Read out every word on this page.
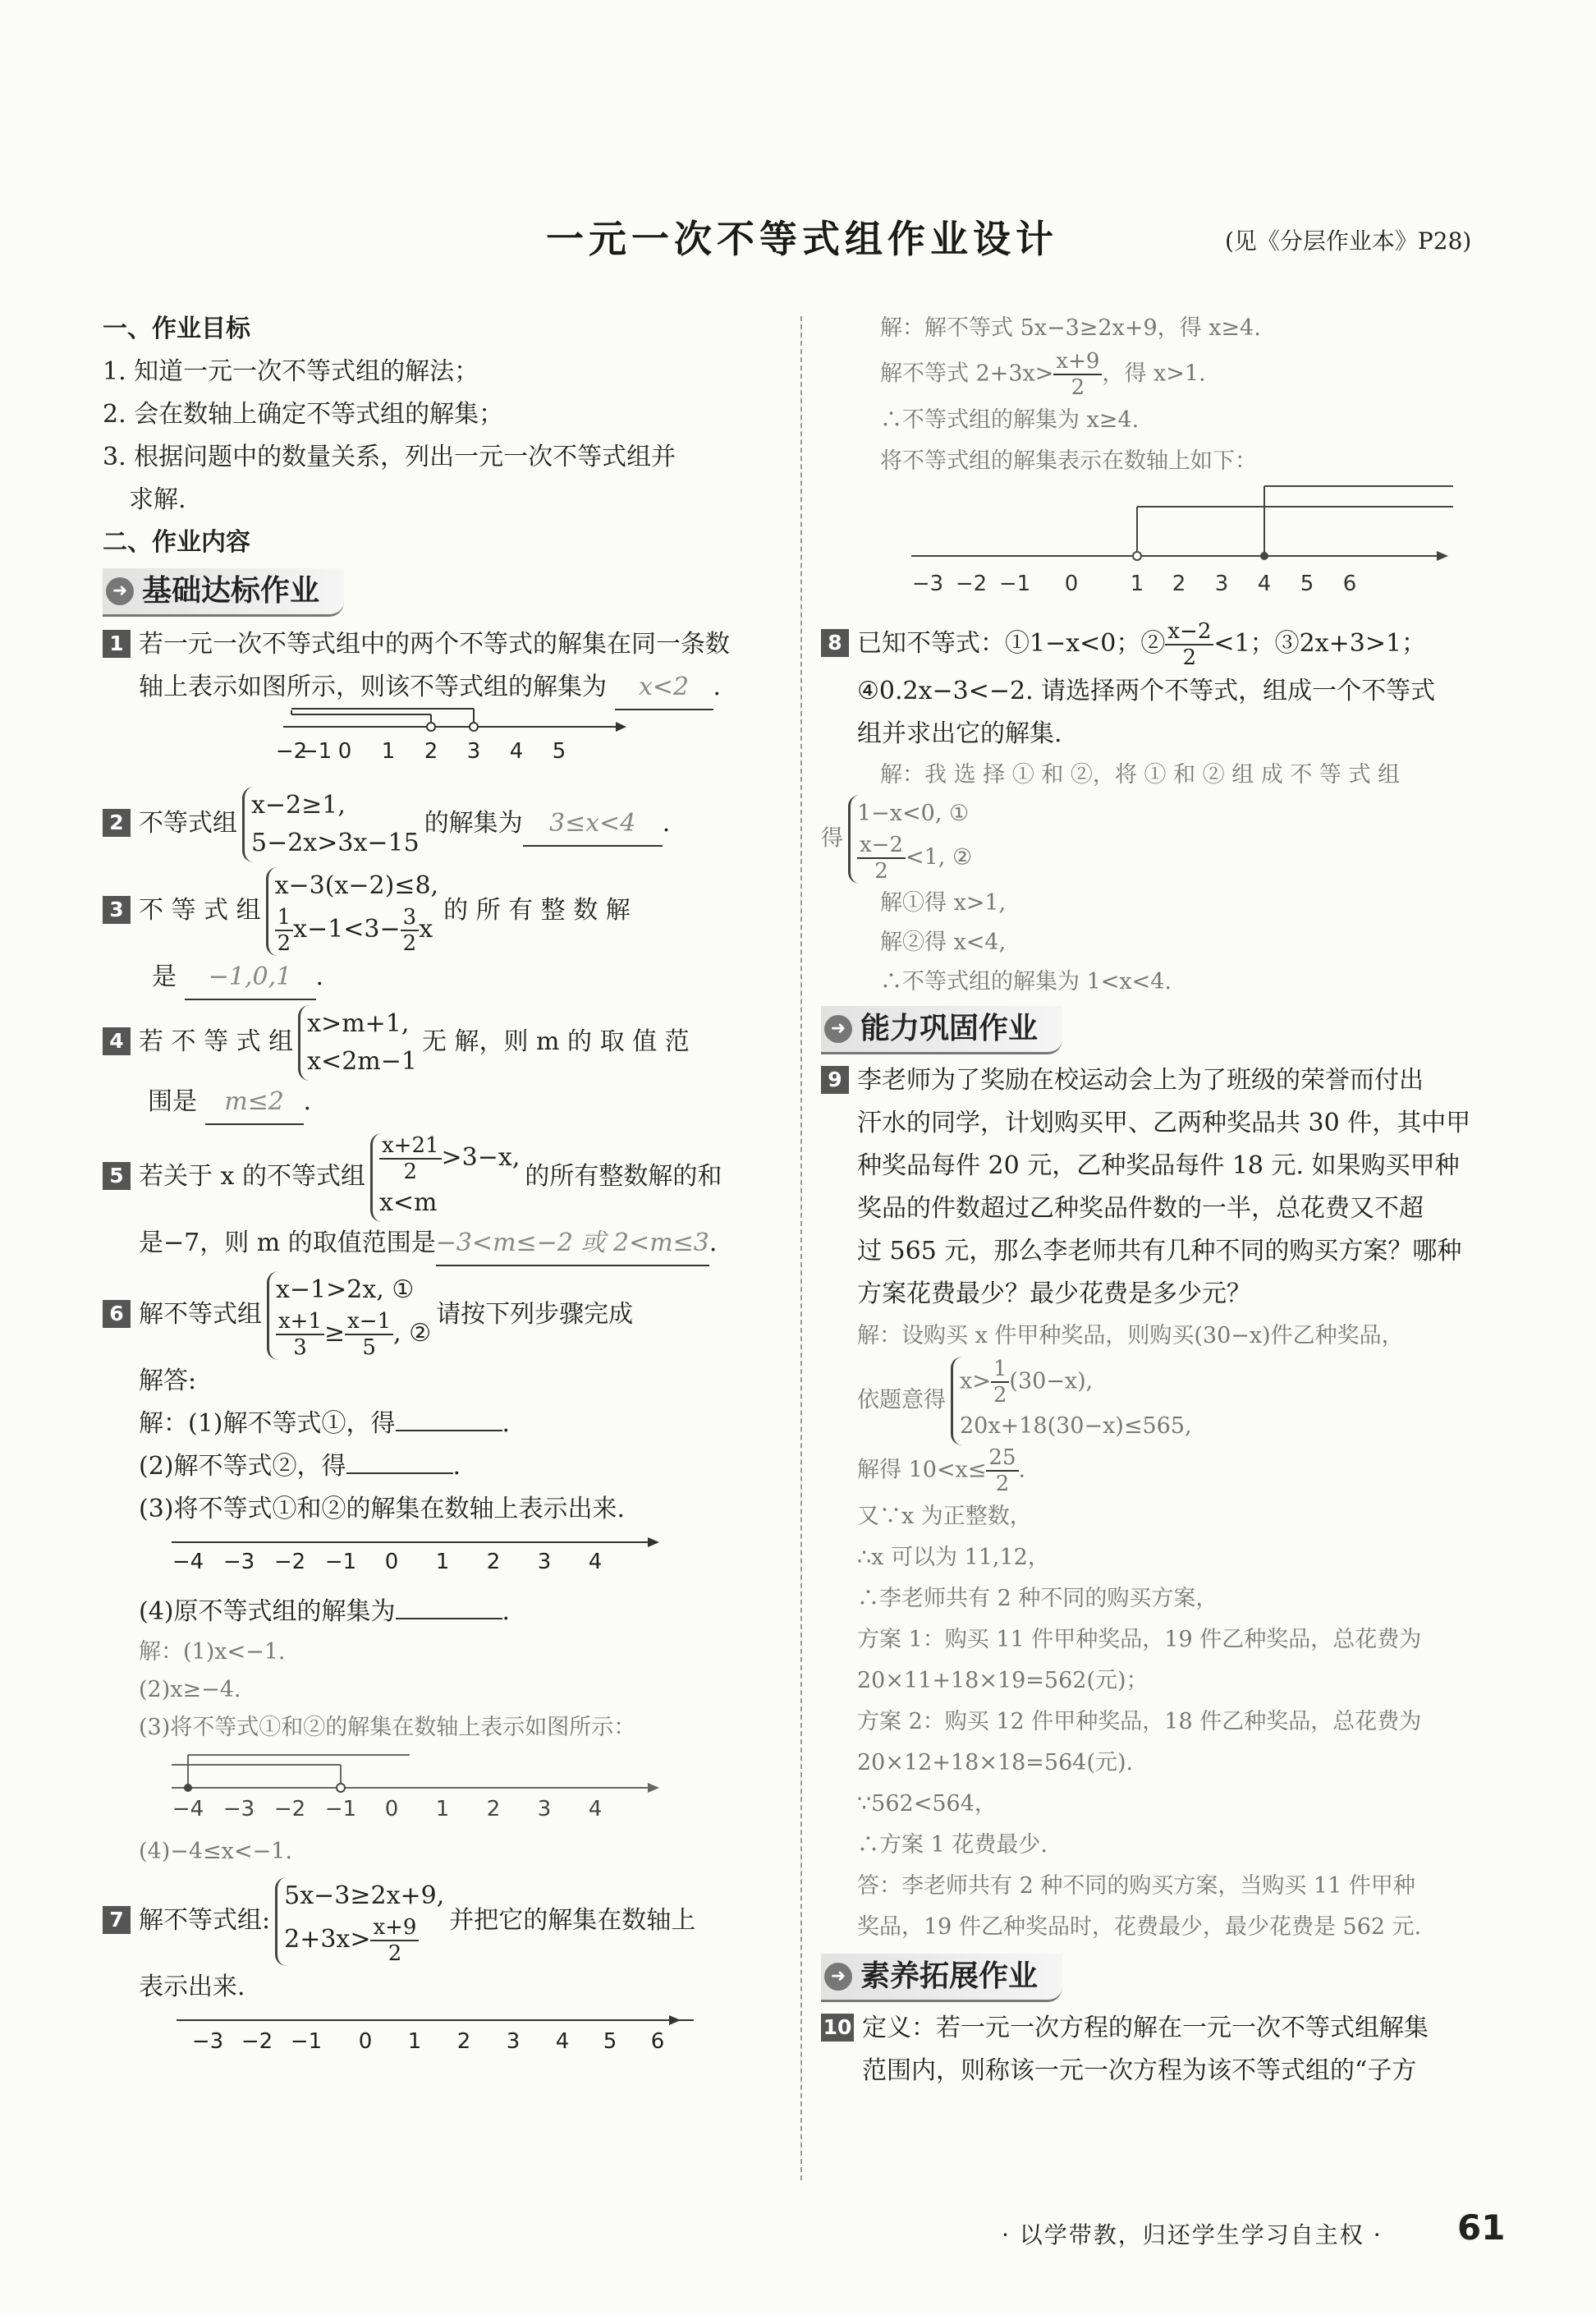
一元一次不等式组作业设计	(见《分层作业本》P28)
一、作业目标
1. 知道一元一次不等式组的解法；
2. 会在数轴上确定不等式组的解集；
3. 根据问题中的数量关系，列出一元一次不等式组并
求解.
二、作业内容
➜ 基础达标作业
1 若一元一次不等式组中的两个不等式的解集在同一条数
轴上表示如图所示，则该不等式组的解集为 x<2 .
−2
−1 0 1 2 3 4 5
2 不等式组x−2≥1,
5−2x>3x−15的解集为 3≤x<4 .
3 不 等 式 组x−3(x−2)≤8,

$\frac{1}{2} x-1<3- \frac{3}{2}$ x的 所 有 整 数 解
是 −1,0,1 .
4 若 不 等 式 组x>m+1,
x<2m−1无 解，则 m 的 取 值 范
围是 m≤2 .
5 若关于 x 的不等式组 $\frac{x+21}{2} >3-x$,
x<m的所有整数解的和
是−7，则 m 的取值范围是−3<m≤−2 或 2<m≤3.
6 解不等式组x−1>2x, ①

$\frac{x+1}{3} \ge \frac{x-1}{5}$ , ②请按下列步骤完成
解答:
解：(1)解不等式①，得	.
(2)解不等式②，得	.
(3)将不等式①和②的解集在数轴上表示出来.
−4 −3 −2 −1 0 1 2 3 4
(4)原不等式组的解集为	.
解：(1)x<−1.
(2)x≥−4.
(3)将不等式①和②的解集在数轴上表示如图所示：
−4 −3 −2 −1 0 1 2 3 4
(4)−4≤x<−1.
7 解不等式组:5x−3≥2x+9,
$2+3x> \frac{x+9}{2}$ 并把它的解集在数轴上
表示出来.
−3 −2 −1 0 1 2 3 4 5 6
解：解不等式 5x−3≥2x+9，得 x≥4.
解不等式 $2+3x> \frac{x+9}{2}$ ，得 x>1.
∴不等式组的解集为 x≥4.
将不等式组的解集表示在数轴上如下：
−3 −2 −1 0 1 2 3 4 5 6
8 已知不等式：①1−x<0；② $\frac{x-2}{2} <1$；③2x+3>1；
④0.2x−3<−2. 请选择两个不等式，组成一个不等式
组并求出它的解集.
解：我 选 择 ① 和 ②，将 ① 和 ② 组 成 不 等 式 组
得1−x<0, ①

$\frac{x-2}{2} <1$, ②
解①得 x>1,
解②得 x<4,
∴不等式组的解集为 1<x<4.
➜ 能力巩固作业
9 李老师为了奖励在校运动会上为了班级的荣誉而付出
汗水的同学，计划购买甲、乙两种奖品共 30 件，其中甲
种奖品每件 20 元，乙种奖品每件 18 元. 如果购买甲种
奖品的件数超过乙种奖品件数的一半，总花费又不超
过 565 元，那么李老师共有几种不同的购买方案？哪种
方案花费最少？最少花费是多少元？
解：设购买 x 件甲种奖品，则购买(30−x)件乙种奖品，
依题意得$x> \frac{1}{2} (30-x)$,
20x+18(30−x)≤565,
解得 $10<x\le \frac{25}{2}$ .
又∵x 为正整数，
∴x 可以为 11,12，
∴李老师共有 2 种不同的购买方案，
方案 1：购买 11 件甲种奖品，19 件乙种奖品，总花费为
20×11+18×19=562(元)；
方案 2：购买 12 件甲种奖品，18 件乙种奖品，总花费为
20×12+18×18=564(元).
∵562<564，
∴方案 1 花费最少.
答：李老师共有 2 种不同的购买方案，当购买 11 件甲种
奖品，19 件乙种奖品时，花费最少，最少花费是 562 元.
➜ 素养拓展作业
10 定义：若一元一次方程的解在一元一次不等式组解集
范围内，则称该一元一次方程为该不等式组的“子方
· 以学带教，归还学生学习自主权 · 61
